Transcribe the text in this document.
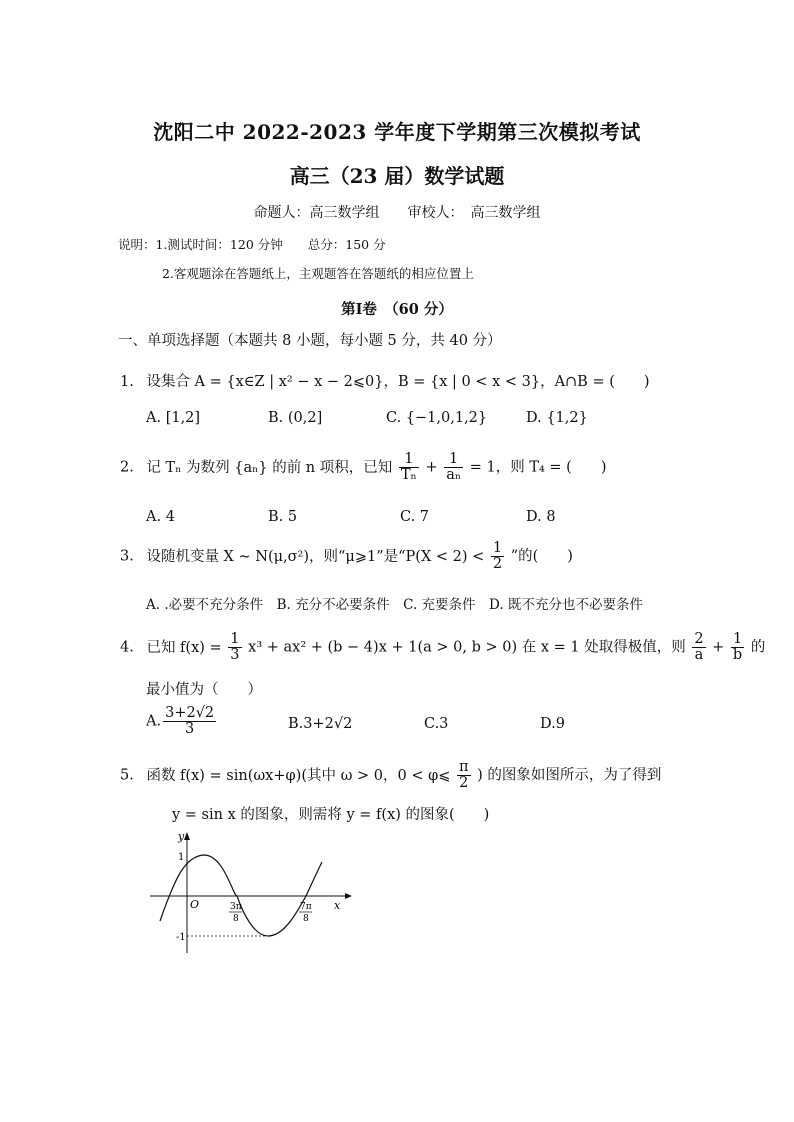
沈阳二中 2022-2023 学年度下学期第三次模拟考试
高三（23 届）数学试题
命题人：高三数学组　　审校人：　高三数学组
说明：1.测试时间：120 分钟　　总分：150 分
2.客观题涂在答题纸上，主观题答在答题纸的相应位置上
第Ⅰ卷　（60 分）
一、单项选择题（本题共 8 小题，每小题 5 分，共 40 分）
1. 设集合 A = {x∈Z | x² − x − 2⩽0}，B = {x | 0 < x < 3}，A∩B = (　　)
A. [1,2]	B. (0,2]	C. {−1,0,1,2}	D. {1,2}
2. 记 Tₙ 为数列 {aₙ} 的前 n 项积，已知 $\frac{1}{\text{Tₙ}} + \frac{1}{\text{aₙ}} = 1$，则 T₄ = (　　)
A. 4	B. 5	C. 7	D. 8
3. 设随机变量 X ~ N(μ,σ²)，则“μ⩾1”是“$P(X < 2) < \frac{1}{2}$ ”的(　　)
A. .必要不充分条件　B. 充分不必要条件　C. 充要条件　D. 既不充分也不必要条件
4. 已知 $f(x) = \frac{1}{3} x^3 + ax^2 + (b - 4)x + 1(a > 0$, b > 0) 在 x = 1 处取得极值，则 $\frac{2}{a} + \frac{1}{b}$ 的
最小值为（　　）
A. $\frac{3+2√2}{3}$	B.3+2√2	C.3	D.9
5. 函数 f(x) = sin(ωx+φ)(其中 ω > 0，0 < φ⩽ $\frac{\pi}{2}$ ) 的图象如图所示，为了得到
y = sin x 的图象，则需将 y = f(x) 的图象(　　)
y
x
O
1
-1
3π
8
7π
8
